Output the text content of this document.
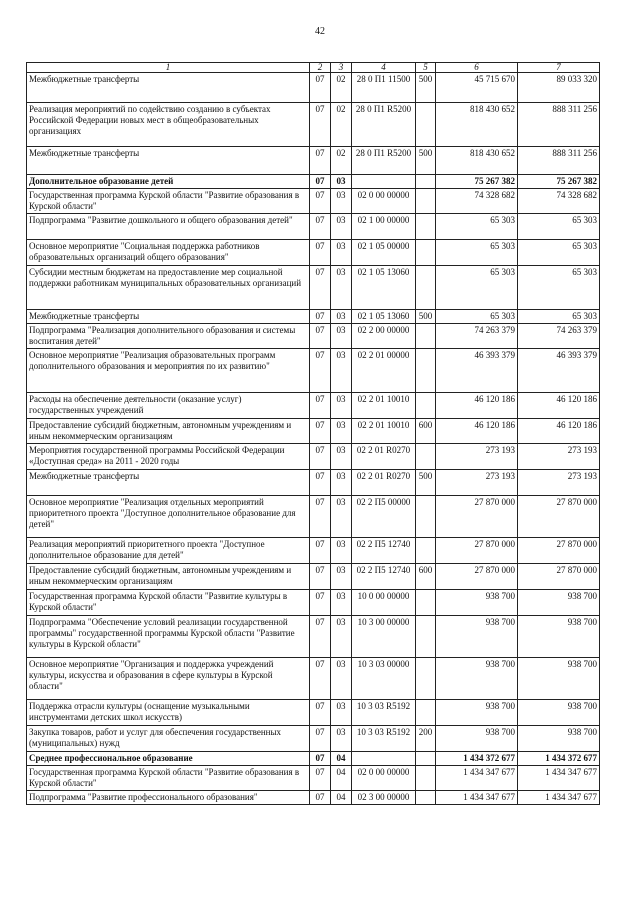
42
1	2	3	4	5	6	7
Межбюджетные трансферты	07	02	28 0 П1 11500	500	45 715 670	89 033 320
Реализация мероприятий по содействию созданию в субъектах Российской Федерации новых мест в общеобразовательных организациях	07	02	28 0 П1 R5200		818 430 652	888 311 256
Межбюджетные трансферты	07	02	28 0 П1 R5200	500	818 430 652	888 311 256
Дополнительное образование детей	07	03			75 267 382	75 267 382
Государственная программа Курской области "Развитие образования в Курской области"	07	03	02 0 00 00000		74 328 682	74 328 682
Подпрограмма "Развитие дошкольного и общего образования детей"	07	03	02 1 00 00000		65 303	65 303
Основное мероприятие "Социальная поддержка работников образовательных организаций общего образования"	07	03	02 1 05 00000		65 303	65 303
Субсидии местным бюджетам на предоставление мер социальной поддержки работникам муниципальных образовательных организаций	07	03	02 1 05 13060		65 303	65 303
Межбюджетные трансферты	07	03	02 1 05 13060	500	65 303	65 303
Подпрограмма "Реализация дополнительного образования и системы воспитания детей"	07	03	02 2 00 00000		74 263 379	74 263 379
Основное мероприятие "Реализация образовательных программ дополнительного образования и мероприятия по их развитию"	07	03	02 2 01 00000		46 393 379	46 393 379
Расходы на обеспечение деятельности (оказание услуг) государственных учреждений	07	03	02 2 01 10010		46 120 186	46 120 186
Предоставление субсидий бюджетным, автономным учреждениям и иным некоммерческим организациям	07	03	02 2 01 10010	600	46 120 186	46 120 186
Мероприятия государственной программы Российской Федерации «Доступная среда» на 2011 - 2020 годы	07	03	02 2 01 R0270		273 193	273 193
Межбюджетные трансферты	07	03	02 2 01 R0270	500	273 193	273 193
Основное мероприятие "Реализация отдельных мероприятий приоритетного проекта "Доступное дополнительное образование для детей"	07	03	02 2 П5 00000		27 870 000	27 870 000
Реализация мероприятий приоритетного проекта "Доступное дополнительное образование для детей"	07	03	02 2 П5 12740		27 870 000	27 870 000
Предоставление субсидий бюджетным, автономным учреждениям и иным некоммерческим организациям	07	03	02 2 П5 12740	600	27 870 000	27 870 000
Государственная программа Курской области "Развитие культуры в Курской области"	07	03	10 0 00 00000		938 700	938 700
Подпрограмма "Обеспечение условий реализации государственной программы" государственной программы Курской области "Развитие культуры в Курской области"	07	03	10 3 00 00000		938 700	938 700
Основное мероприятие "Организация и поддержка учреждений культуры, искусства и образования в сфере культуры в Курской области"	07	03	10 3 03 00000		938 700	938 700
Поддержка отрасли культуры (оснащение музыкальными инструментами детских школ искусств)	07	03	10 3 03 R5192		938 700	938 700
Закупка товаров, работ и услуг для обеспечения государственных (муниципальных) нужд	07	03	10 3 03 R5192	200	938 700	938 700
Среднее профессиональное образование	07	04			1 434 372 677	1 434 372 677
Государственная программа Курской области "Развитие образования в Курской области"	07	04	02 0 00 00000		1 434 347 677	1 434 347 677
Подпрограмма "Развитие профессионального образования"	07	04	02 3 00 00000		1 434 347 677	1 434 347 677
